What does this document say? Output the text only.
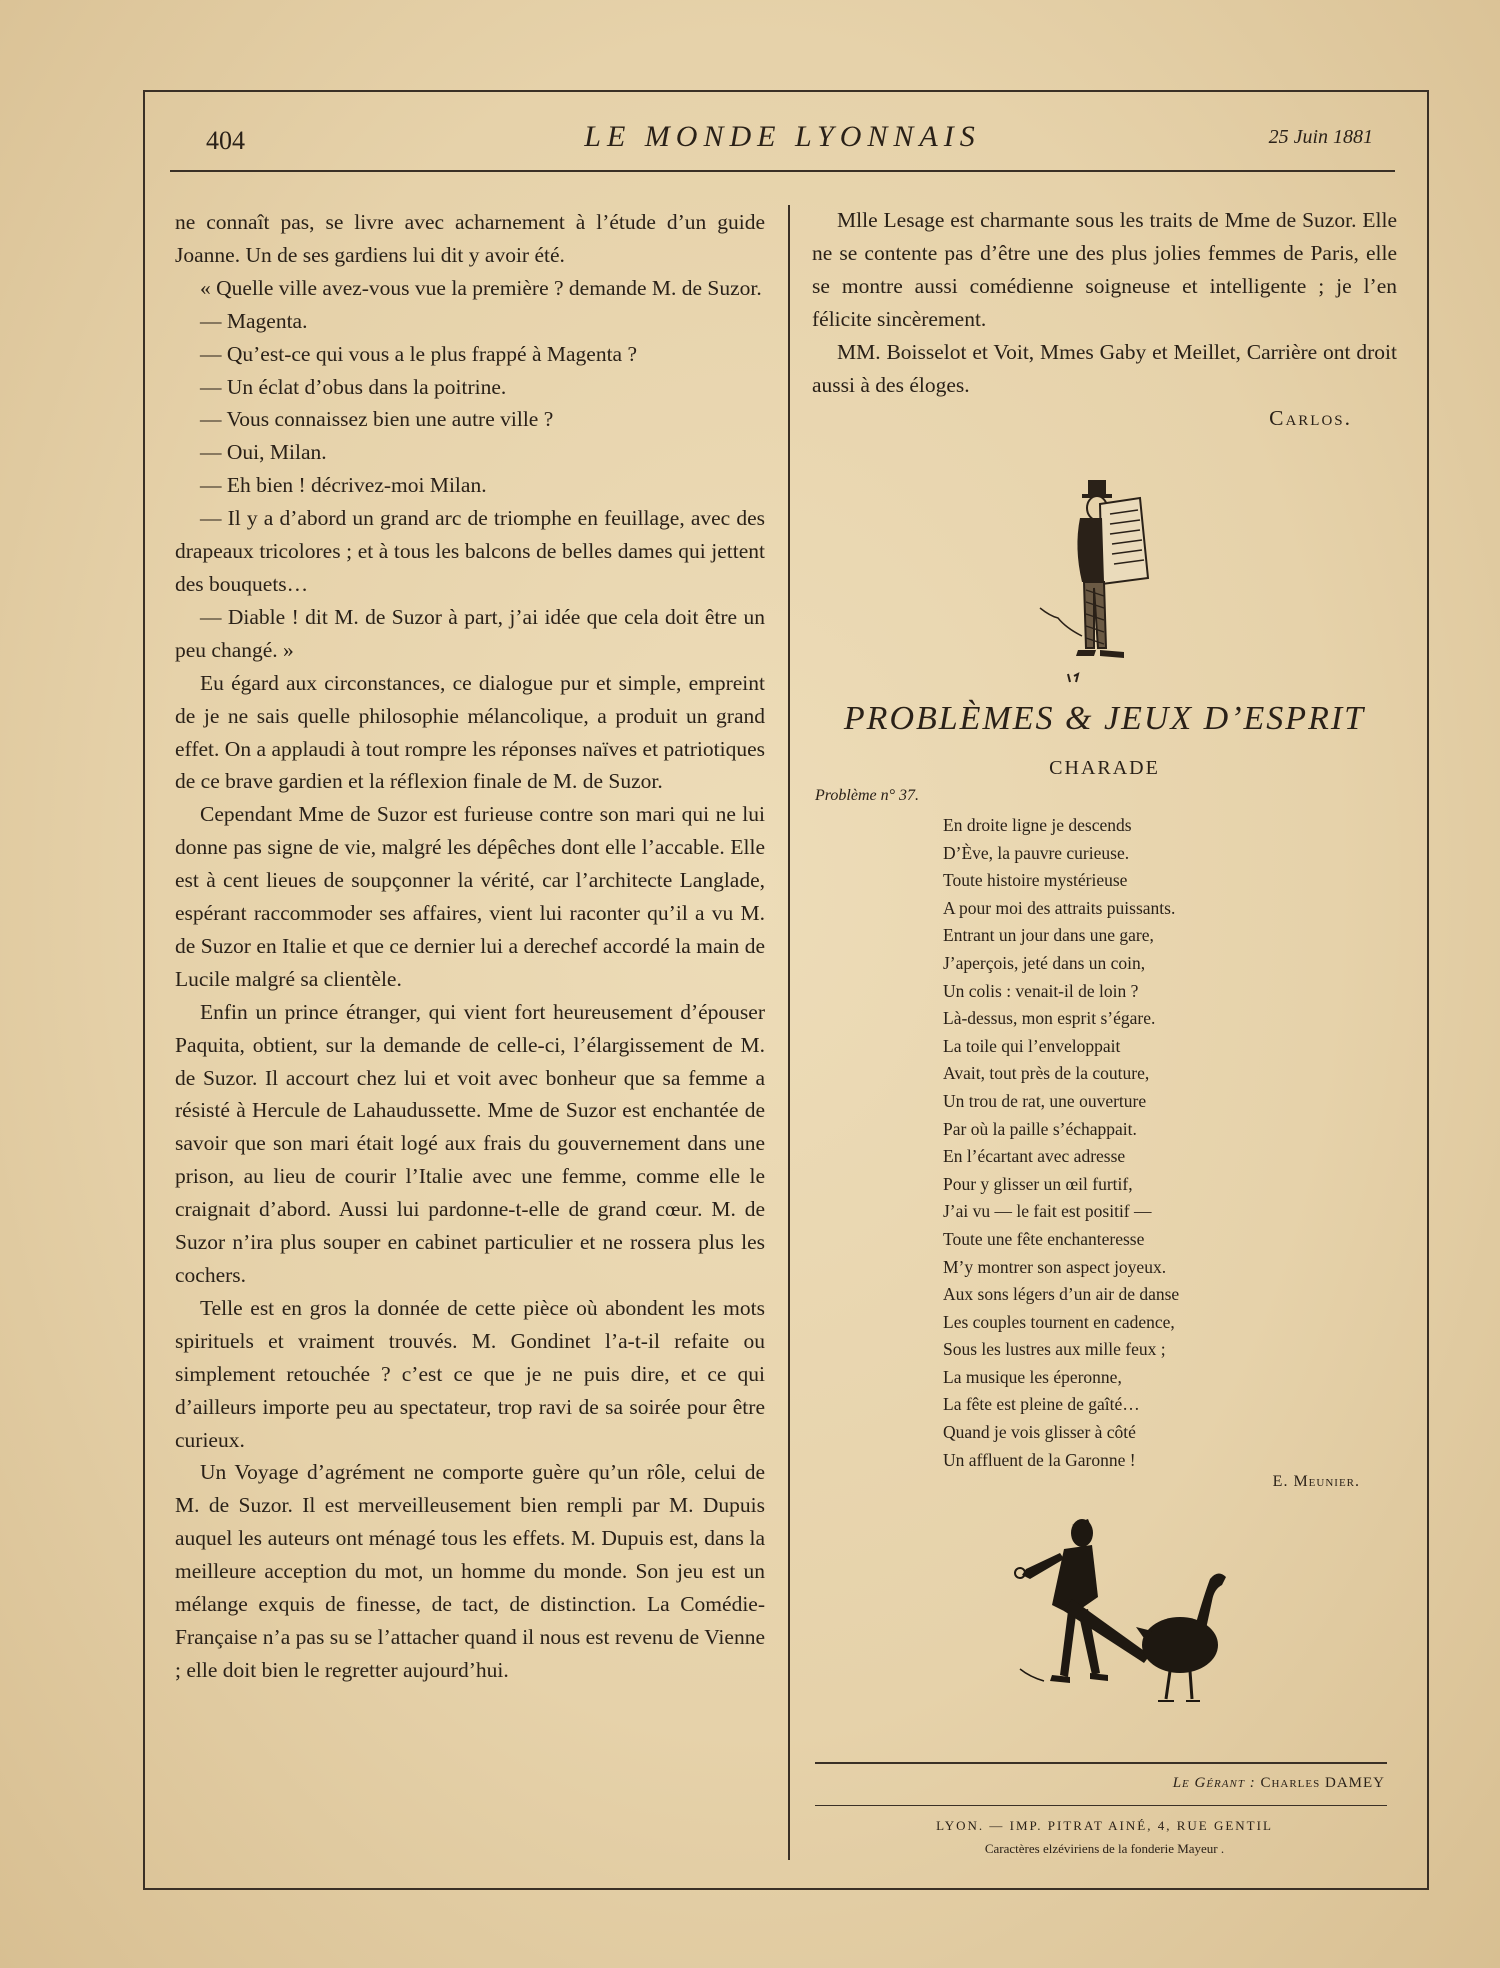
404	LE MONDE LYONNAIS	25 Juin 1881

ne connaît pas, se livre avec acharnement à l’étude d’un guide Joanne. Un de ses gardiens lui dit y avoir été.

« Quelle ville avez-vous vue la première ? demande M. de Suzor.

— Magenta.

— Qu’est-ce qui vous a le plus frappé à Magenta ?

— Un éclat d’obus dans la poitrine.

— Vous connaissez bien une autre ville ?

— Oui, Milan.

— Eh bien ! décrivez-moi Milan.

— Il y a d’abord un grand arc de triomphe en feuillage, avec des drapeaux tricolores ; et à tous les balcons de belles dames qui jettent des bouquets…

— Diable ! dit M. de Suzor à part, j’ai idée que cela doit être un peu changé. »

Eu égard aux circonstances, ce dialogue pur et simple, empreint de je ne sais quelle philosophie mélancolique, a produit un grand effet. On a applaudi à tout rompre les réponses naïves et patriotiques de ce brave gardien et la réflexion finale de M. de Suzor.

Cependant Mme de Suzor est furieuse contre son mari qui ne lui donne pas signe de vie, malgré les dépêches dont elle l’accable. Elle est à cent lieues de soupçonner la vérité, car l’architecte Langlade, espérant raccommoder ses affaires, vient lui raconter qu’il a vu M. de Suzor en Italie et que ce dernier lui a derechef accordé la main de Lucile malgré sa clientèle.

Enfin un prince étranger, qui vient fort heureusement d’épouser Paquita, obtient, sur la demande de celle-ci, l’élargissement de M. de Suzor. Il accourt chez lui et voit avec bonheur que sa femme a résisté à Hercule de Lahaudussette. Mme de Suzor est enchantée de savoir que son mari était logé aux frais du gouvernement dans une prison, au lieu de courir l’Italie avec une femme, comme elle le craignait d’abord. Aussi lui pardonne-t-elle de grand cœur. M. de Suzor n’ira plus souper en cabinet particulier et ne rossera plus les cochers.

Telle est en gros la donnée de cette pièce où abondent les mots spirituels et vraiment trouvés. M. Gondinet l’a-t-il refaite ou simplement retouchée ? c’est ce que je ne puis dire, et ce qui d’ailleurs importe peu au spectateur, trop ravi de sa soirée pour être curieux.

Un Voyage d’agrément ne comporte guère qu’un rôle, celui de M. de Suzor. Il est merveilleusement bien rempli par M. Dupuis auquel les auteurs ont ménagé tous les effets. M. Dupuis est, dans la meilleure acception du mot, un homme du monde. Son jeu est un mélange exquis de finesse, de tact, de distinction. La Comédie-Française n’a pas su se l’attacher quand il nous est revenu de Vienne ; elle doit bien le regretter aujourd’hui.

Mlle Lesage est charmante sous les traits de Mme de Suzor. Elle ne se contente pas d’être une des plus jolies femmes de Paris, elle se montre aussi comédienne soigneuse et intelligente ; je l’en félicite sincèrement.

MM. Boisselot et Voit, Mmes Gaby et Meillet, Carrière ont droit aussi à des éloges.

Carlos.

PROBLÈMES & JEUX D’ESPRIT
CHARADE
Problème n° 37.
En droite ligne je descends
D’Ève, la pauvre curieuse.
Toute histoire mystérieuse
A pour moi des attraits puissants.
Entrant un jour dans une gare,
J’aperçois, jeté dans un coin,
Un colis : venait-il de loin ?
Là-dessus, mon esprit s’égare.
La toile qui l’enveloppait
Avait, tout près de la couture,
Un trou de rat, une ouverture
Par où la paille s’échappait.
En l’écartant avec adresse
Pour y glisser un œil furtif,
J’ai vu — le fait est positif —
Toute une fête enchanteresse
M’y montrer son aspect joyeux.
Aux sons légers d’un air de danse
Les couples tournent en cadence,
Sous les lustres aux mille feux ;
La musique les éperonne,
La fête est pleine de gaîté…
Quand je vois glisser à côté
Un affluent de la Garonne !
E. Meunier.
Le Gérant : Charles DAMEY
LYON. — IMP. PITRAT AINÉ, 4, RUE GENTIL
Caractères elzéviriens de la fonderie Mayeur .
